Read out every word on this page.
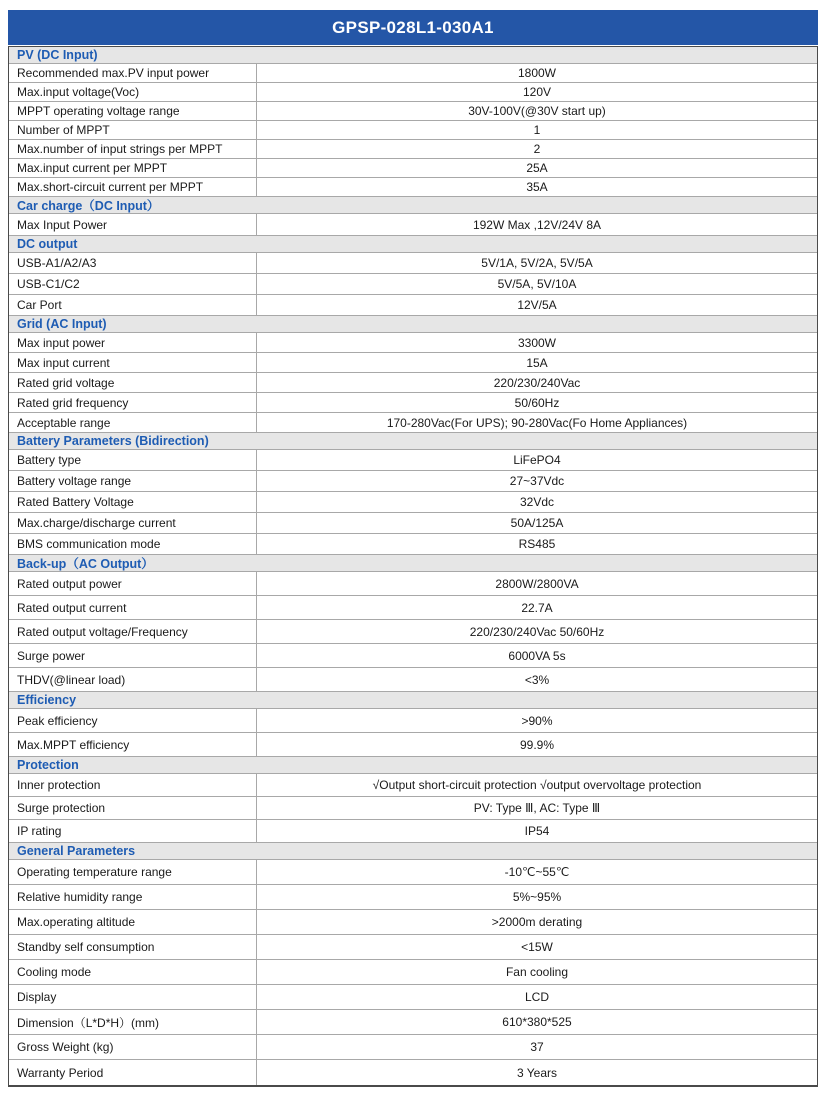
GPSP-028L1-030A1
PV (DC Input)
Recommended max.PV input power	1800W
Max.input voltage(Voc)	120V
MPPT operating voltage range	30V-100V(@30V start up)
Number of MPPT	1
Max.number of input strings per MPPT	2
Max.input current per MPPT	25A
Max.short-circuit current per MPPT	35A
Car charge（DC Input）
Max Input Power	192W Max ,12V/24V 8A
DC output
USB-A1/A2/A3	5V/1A, 5V/2A, 5V/5A
USB-C1/C2	5V/5A, 5V/10A
Car Port	12V/5A
Grid (AC Input)
Max input power	3300W
Max input current	15A
Rated grid voltage	220/230/240Vac
Rated grid frequency	50/60Hz
Acceptable range	170-280Vac(For UPS); 90-280Vac(Fo Home Appliances)
Battery Parameters (Bidirection)
Battery type	LiFePO4
Battery voltage range	27~37Vdc
Rated Battery Voltage	32Vdc
Max.charge/discharge current	50A/125A
BMS communication mode	RS485
Back-up（AC Output）
Rated output power	2800W/2800VA
Rated output current	22.7A
Rated output voltage/Frequency	220/230/240Vac 50/60Hz
Surge power	6000VA 5s
THDV(@linear load)	<3%
Efficiency
Peak efficiency	>90%
Max.MPPT efficiency	99.9%
Protection
Inner protection	√Output short-circuit protection √output overvoltage protection
Surge protection	PV: Type Ⅲ, AC: Type Ⅲ
IP rating	IP54
General Parameters
Operating temperature range	-10℃~55℃
Relative humidity range	5%~95%
Max.operating altitude	>2000m derating
Standby self consumption	<15W
Cooling mode	Fan cooling
Display	LCD
Dimension（L*D*H）(mm)	610*380*525
Gross Weight (kg)	37
Warranty Period	3 Years
